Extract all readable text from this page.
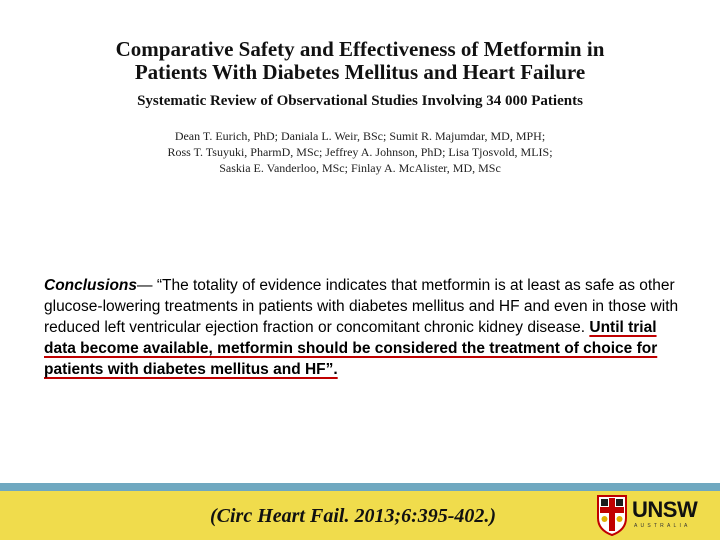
Comparative Safety and Effectiveness of Metformin in
Patients With Diabetes Mellitus and Heart Failure
Systematic Review of Observational Studies Involving 34 000 Patients
Dean T. Eurich, PhD; Daniala L. Weir, BSc; Sumit R. Majumdar, MD, MPH;
Ross T. Tsuyuki, PharmD, MSc; Jeffrey A. Johnson, PhD; Lisa Tjosvold, MLIS;
Saskia E. Vanderloo, MSc; Finlay A. McAlister, MD, MSc
Conclusions— “The totality of evidence indicates that metformin is at least as safe as other glucose-lowering treatments in patients with diabetes mellitus and HF and even in those with reduced left ventricular ejection fraction or concomitant chronic kidney disease. Until trial data become available, metformin should be considered the treatment of choice for patients with diabetes mellitus and HF”.
(Circ Heart Fail. 2013;6:395-402.)	UNSW
AUSTRALIA
